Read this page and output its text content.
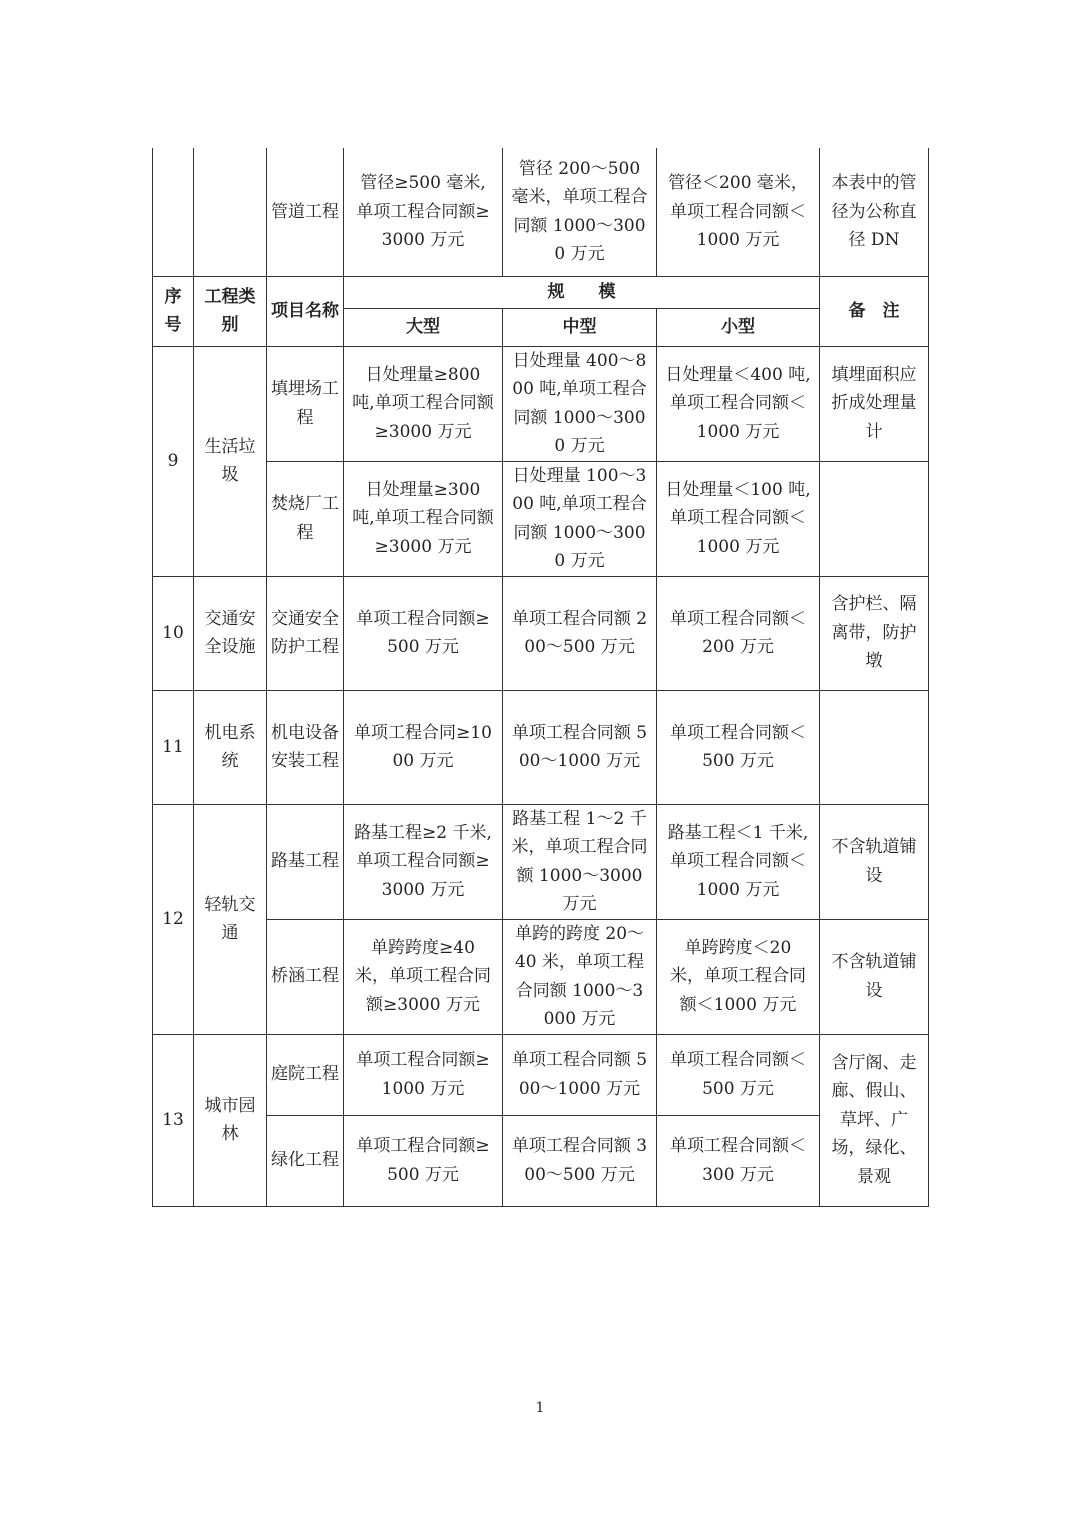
		管道工程	管径≥500 毫米,单项工程合同额≥3000 万元	管径 200～500 毫米，单项工程合同额 1000～3000 万元	管径＜200 毫米，单项工程合同额＜1000 万元	本表中的管径为公称直径 DN
序号	工程类别	项目名称	规　　模			备　注
			大型	中型	小型	
9	生活垃圾	填埋场工程	日处理量≥800 吨,单项工程合同额≥3000 万元	日处理量 400～800 吨,单项工程合同额 1000～3000 万元	日处理量＜400 吨,单项工程合同额＜1000 万元	填埋面积应折成处理量计
		焚烧厂工程	日处理量≥300 吨,单项工程合同额≥3000 万元	日处理量 100～300 吨,单项工程合同额 1000～3000 万元	日处理量＜100 吨,单项工程合同额＜1000 万元	
10	交通安全设施	交通安全防护工程	单项工程合同额≥500 万元	单项工程合同额 200～500 万元	单项工程合同额＜200 万元	含护栏、隔离带，防护墩
11	机电系统	机电设备安装工程	单项工程合同≥1000 万元	单项工程合同额 500～1000 万元	单项工程合同额＜500 万元	
12	轻轨交通	路基工程	路基工程≥2 千米,单项工程合同额≥3000 万元	路基工程 1～2 千米，单项工程合同额 1000～3000 万元	路基工程＜1 千米,单项工程合同额＜1000 万元	不含轨道铺设
		桥涵工程	单跨跨度≥40 米，单项工程合同额≥3000 万元	单跨的跨度 20～40 米，单项工程合同额 1000～3000 万元	单跨跨度＜20 米，单项工程合同额＜1000 万元	不含轨道铺设
13	城市园林	庭院工程	单项工程合同额≥1000 万元	单项工程合同额 500～1000 万元	单项工程合同额＜500 万元	含厅阁、走廊、假山、草坪、广场，绿化、景观
		绿化工程	单项工程合同额≥500 万元	单项工程合同额 300～500 万元	单项工程合同额＜300 万元	
1
